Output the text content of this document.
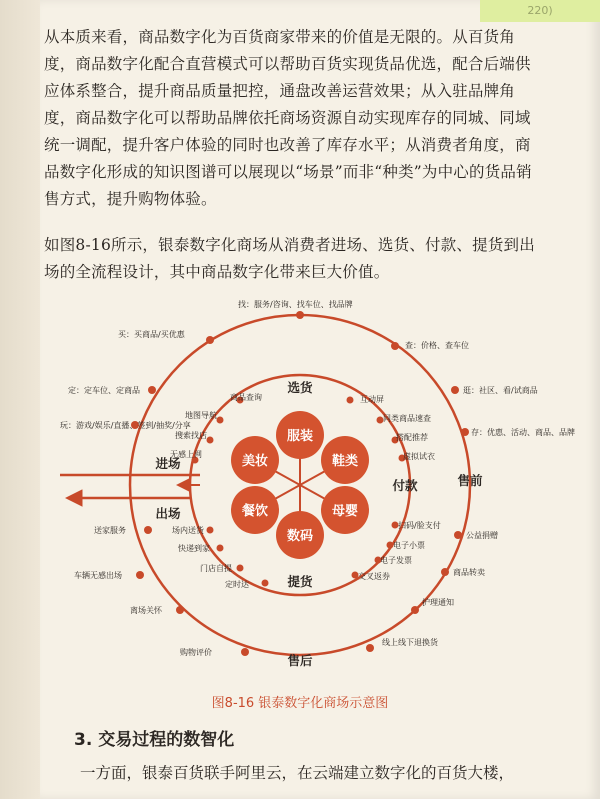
220)

从本质来看，商品数字化为百货商家带来的价值是无限的。从百货角度，商品数字化配合直营模式可以帮助百货实现货品优选，配合后端供应体系整合，提升商品质量把控，通盘改善运营效果；从入驻品牌角度，商品数字化可以帮助品牌依托商场资源自动实现库存的同城、同域统一调配，提升客户体验的同时也改善了库存水平；从消费者角度，商品数字化形成的知识图谱可以展现以“场景”而非“种类”为中心的货品销售方式，提升购物体验。

如图8-16所示，银泰数字化商场从消费者进场、选货、付款、提货到出场的全流程设计，其中商品数字化带来巨大价值。

服装
鞋类
母婴
数码
餐饮
美妆
选货
付款
提货
进场
出场
售前
售后
找：服务/咨询、找车位、找品牌
买：买商品/买优惠
查：价格、查车位
定：定车位、定商品	逛：社区、看/试商品
玩：游戏/娱乐/直播、签到/抽奖/分享
存：优惠、活动、商品、品牌
送家服务
公益捐赠
车辆无感出场	商品转卖
离场关怀
护理通知
线上线下退换货
购物评价
商品查询
地图导航
搜索找店
无感上网
互动屏
同类商品速查
搭配推荐
虚拟试衣
扫码/脸支付
电子小票
电子发票
交叉返券
场内送货
快递到家
门店自提
定时达
图8-16 银泰数字化商场示意图
3. 交易过程的数智化
一方面，银泰百货联手阿里云，在云端建立数字化的百货大楼，
